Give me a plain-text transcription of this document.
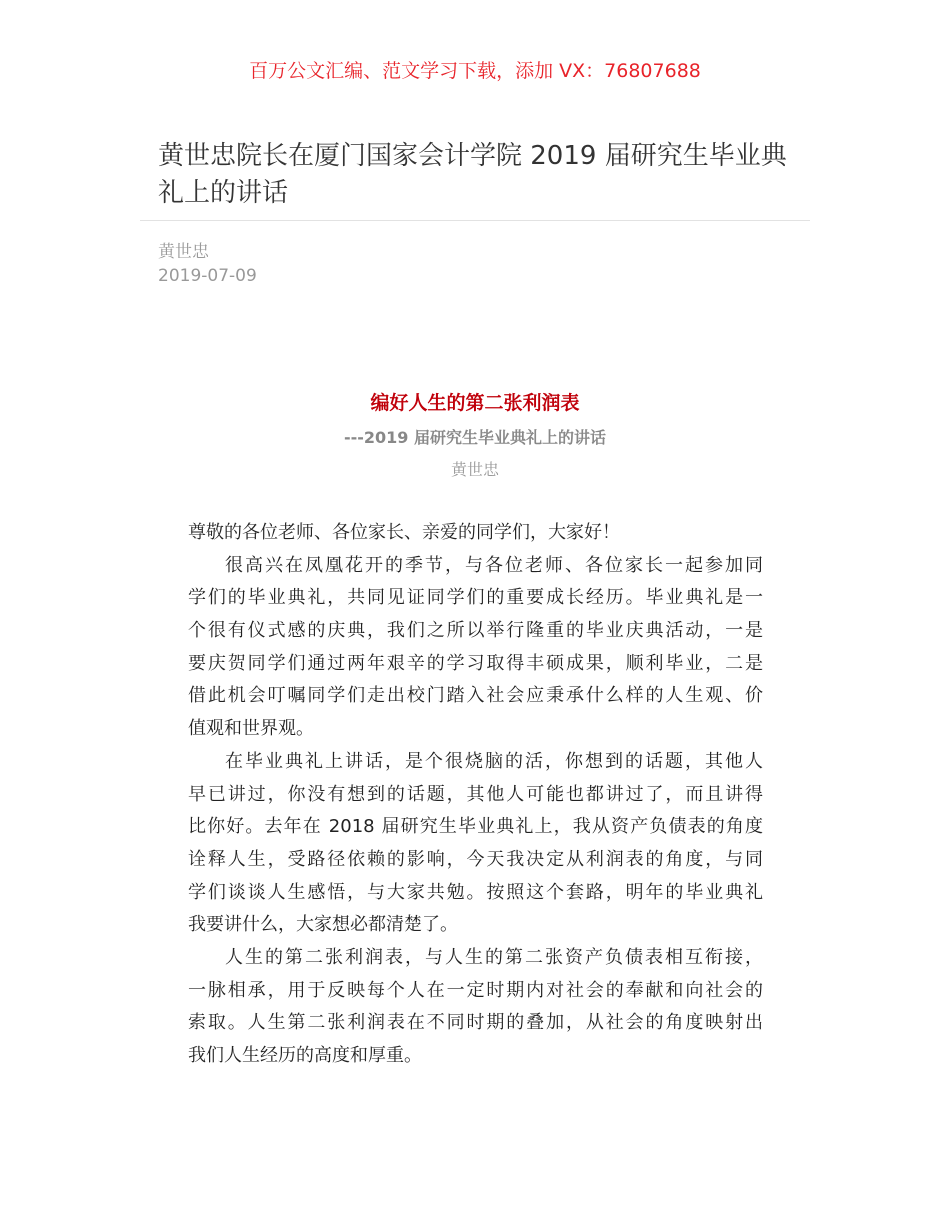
百万公文汇编、范文学习下载，添加 VX：76807688
黄世忠院长在厦门国家会计学院 2019 届研究生毕业典礼上的讲话
黄世忠
2019-07-09
编好人生的第二张利润表
---2019 届研究生毕业典礼上的讲话
黄世忠
尊敬的各位老师、各位家长、亲爱的同学们，大家好！
很高兴在凤凰花开的季节，与各位老师、各位家长一起参加同
学们的毕业典礼，共同见证同学们的重要成长经历。毕业典礼是一
个很有仪式感的庆典，我们之所以举行隆重的毕业庆典活动，一是
要庆贺同学们通过两年艰辛的学习取得丰硕成果，顺利毕业，二是
借此机会叮嘱同学们走出校门踏入社会应秉承什么样的人生观、价
值观和世界观。
在毕业典礼上讲话，是个很烧脑的活，你想到的话题，其他人
早已讲过，你没有想到的话题，其他人可能也都讲过了，而且讲得
比你好。去年在 2018 届研究生毕业典礼上，我从资产负债表的角度
诠释人生，受路径依赖的影响，今天我决定从利润表的角度，与同
学们谈谈人生感悟，与大家共勉。按照这个套路，明年的毕业典礼
我要讲什么，大家想必都清楚了。
人生的第二张利润表，与人生的第二张资产负债表相互衔接，
一脉相承，用于反映每个人在一定时期内对社会的奉献和向社会的
索取。人生第二张利润表在不同时期的叠加，从社会的角度映射出
我们人生经历的高度和厚重。
